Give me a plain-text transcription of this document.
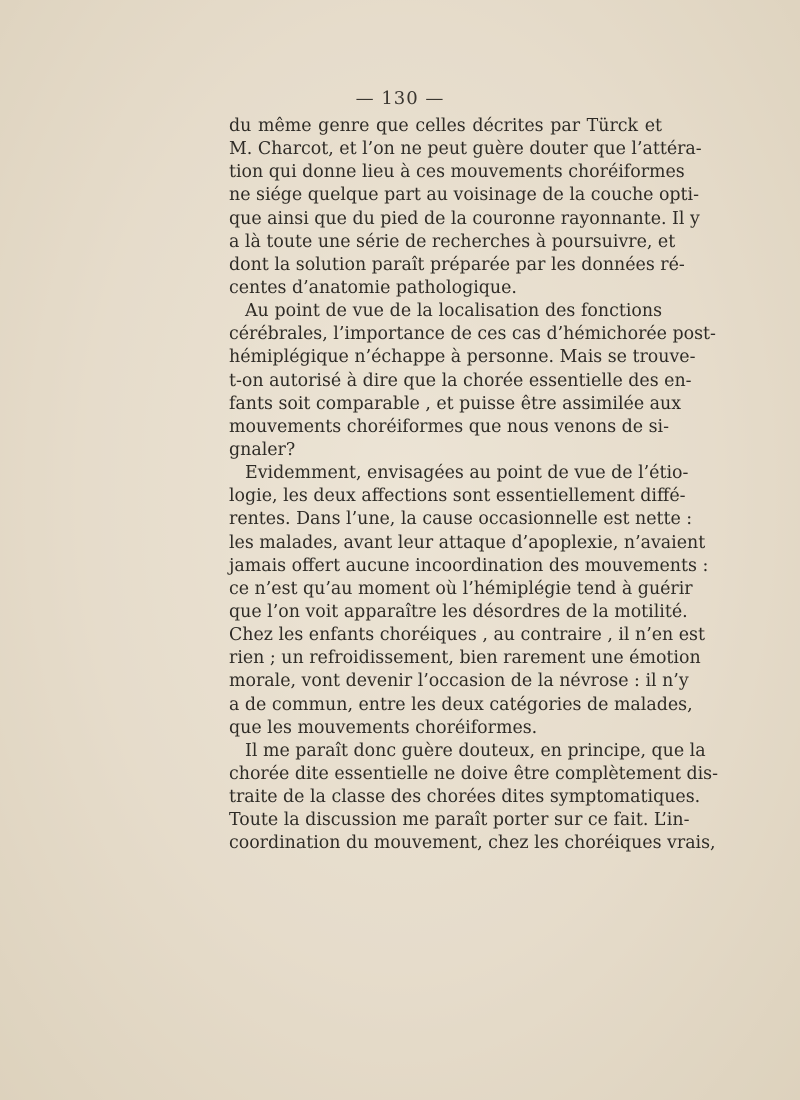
— 130 —
du même genre que celles décrites par Türck et
M. Charcot, et l’on ne peut guère douter que l’attéra-
tion qui donne lieu à ces mouvements choréiformes
ne siége quelque part au voisinage de la couche opti-
que ainsi que du pied de la couronne rayonnante. Il y
a là toute une série de recherches à poursuivre, et
dont la solution paraît préparée par les données ré-
centes d’anatomie pathologique.
Au point de vue de la localisation des fonctions
cérébrales, l’importance de ces cas d’hémichorée post-
hémiplégique n’échappe à personne. Mais se trouve-
t-on autorisé à dire que la chorée essentielle des en-
fants soit comparable , et puisse être assimilée aux
mouvements choréiformes que nous venons de si-
gnaler?
Evidemment, envisagées au point de vue de l’étio-
logie, les deux affections sont essentiellement diffé-
rentes. Dans l’une, la cause occasionnelle est nette :
les malades, avant leur attaque d’apoplexie, n’avaient
jamais offert aucune incoordination des mouvements :
ce n’est qu’au moment où l’hémiplégie tend à guérir
que l’on voit apparaître les désordres de la motilité.
Chez les enfants choréiques , au contraire , il n’en est
rien ; un refroidissement, bien rarement une émotion
morale, vont devenir l’occasion de la névrose : il n’y
a de commun, entre les deux catégories de malades,
que les mouvements choréiformes.
Il me paraît donc guère douteux, en principe, que la
chorée dite essentielle ne doive être complètement dis-
traite de la classe des chorées dites symptomatiques.
Toute la discussion me paraît porter sur ce fait. L’in-
coordination du mouvement, chez les choréiques vrais,
